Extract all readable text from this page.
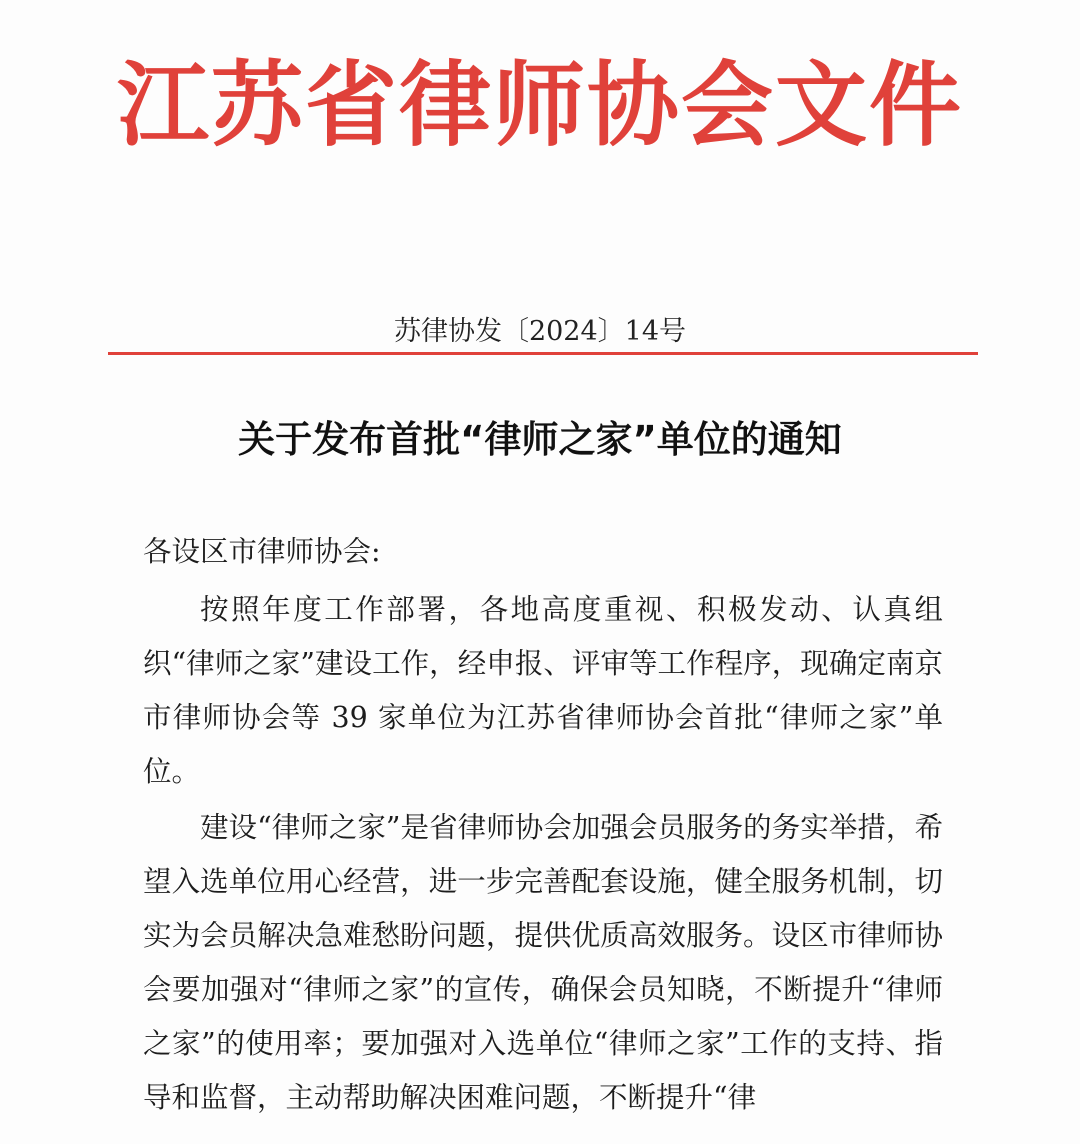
江苏省律师协会文件
苏律协发〔2024〕14号
关于发布首批“律师之家”单位的通知
各设区市律师协会:

按照年度工作部署，各地高度重视、积极发动、认真组织“律师之家”建设工作，经申报、评审等工作程序，现确定南京市律师协会等 39 家单位为江苏省律师协会首批“律师之家”单位。

建设“律师之家”是省律师协会加强会员服务的务实举措，希望入选单位用心经营，进一步完善配套设施，健全服务机制，切实为会员解决急难愁盼问题，提供优质高效服务。设区市律师协会要加强对“律师之家”的宣传，确保会员知晓，不断提升“律师之家”的使用率；要加强对入选单位“律师之家”工作的支持、指导和监督，主动帮助解决困难问题，不断提升“律
